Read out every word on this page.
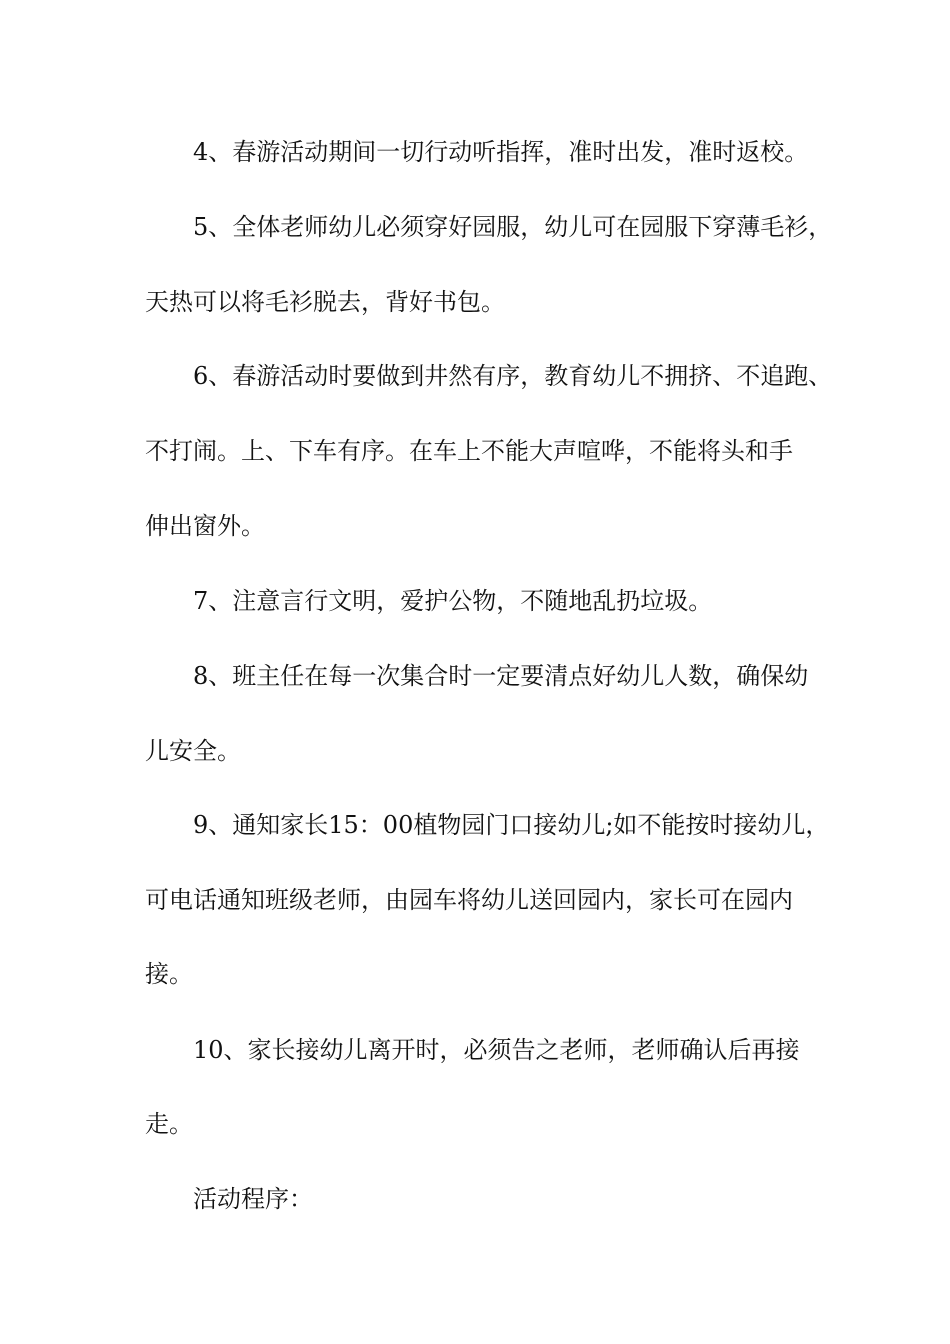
4、春游活动期间一切行动听指挥，准时出发，准时返校。
5、全体老师幼儿必须穿好园服，幼儿可在园服下穿薄毛衫，
天热可以将毛衫脱去，背好书包。
6、春游活动时要做到井然有序，教育幼儿不拥挤、不追跑、
不打闹。上、下车有序。在车上不能大声喧哗，不能将头和手
伸出窗外。
7、注意言行文明，爱护公物，不随地乱扔垃圾。
8、班主任在每一次集合时一定要清点好幼儿人数，确保幼
儿安全。
9、通知家长15：00植物园门口接幼儿;如不能按时接幼儿，
可电话通知班级老师，由园车将幼儿送回园内，家长可在园内
接。
10、家长接幼儿离开时，必须告之老师，老师确认后再接
走。
活动程序：
